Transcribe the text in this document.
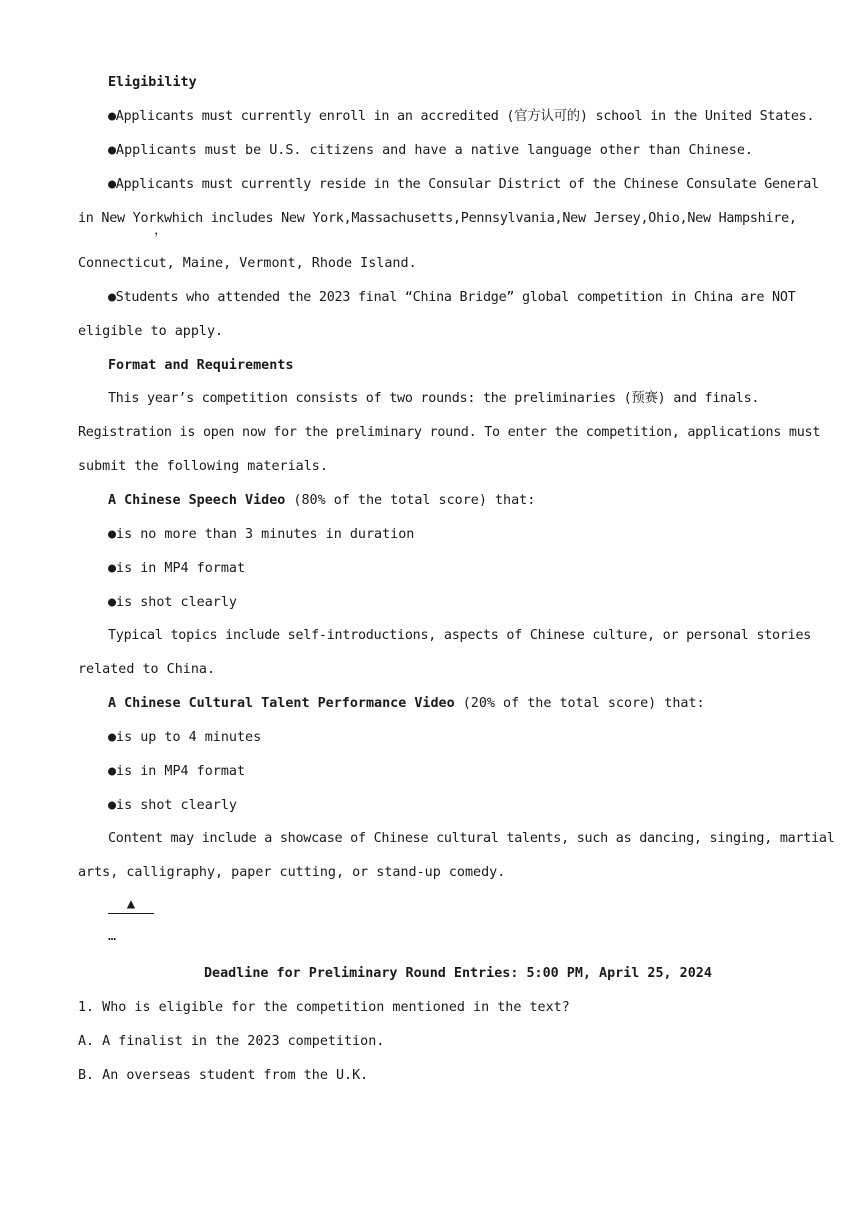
Eligibility

●Applicants must currently enroll in an accredited (官方认可的) school in the United States.

●Applicants must be U.S. citizens and have a native language other than Chinese.

●Applicants must currently reside in the Consular District of the Chinese Consulate General

in New York which includes New York, Massachusetts, Pennsylvania, New Jersey, Ohio, New Hampshire,
，

Connecticut, Maine, Vermont, Rhode Island.

●Students who attended the 2023 final “China Bridge” global competition in China are NOT

eligible to apply.

Format and Requirements

This year’s competition consists of two rounds: the preliminaries (预赛) and finals.

Registration is open now for the preliminary round. To enter the competition, applications must

submit the following materials.

A Chinese Speech Video (80% of the total score) that:

●is no more than 3 minutes in duration

●is in MP4 format

●is shot clearly

Typical topics include self-introductions, aspects of Chinese culture, or personal stories

related to China.

A Chinese Cultural Talent Performance Video (20% of the total score) that:

●is up to 4 minutes

●is in MP4 format

●is shot clearly

Content may include a showcase of Chinese cultural talents, such as dancing, singing, martial

arts, calligraphy, paper cutting, or stand-up comedy.

▲

…

Deadline for Preliminary Round Entries: 5:00 PM, April 25, 2024

1. Who is eligible for the competition mentioned in the text?

A. A finalist in the 2023 competition.

B. An overseas student from the U.K.
